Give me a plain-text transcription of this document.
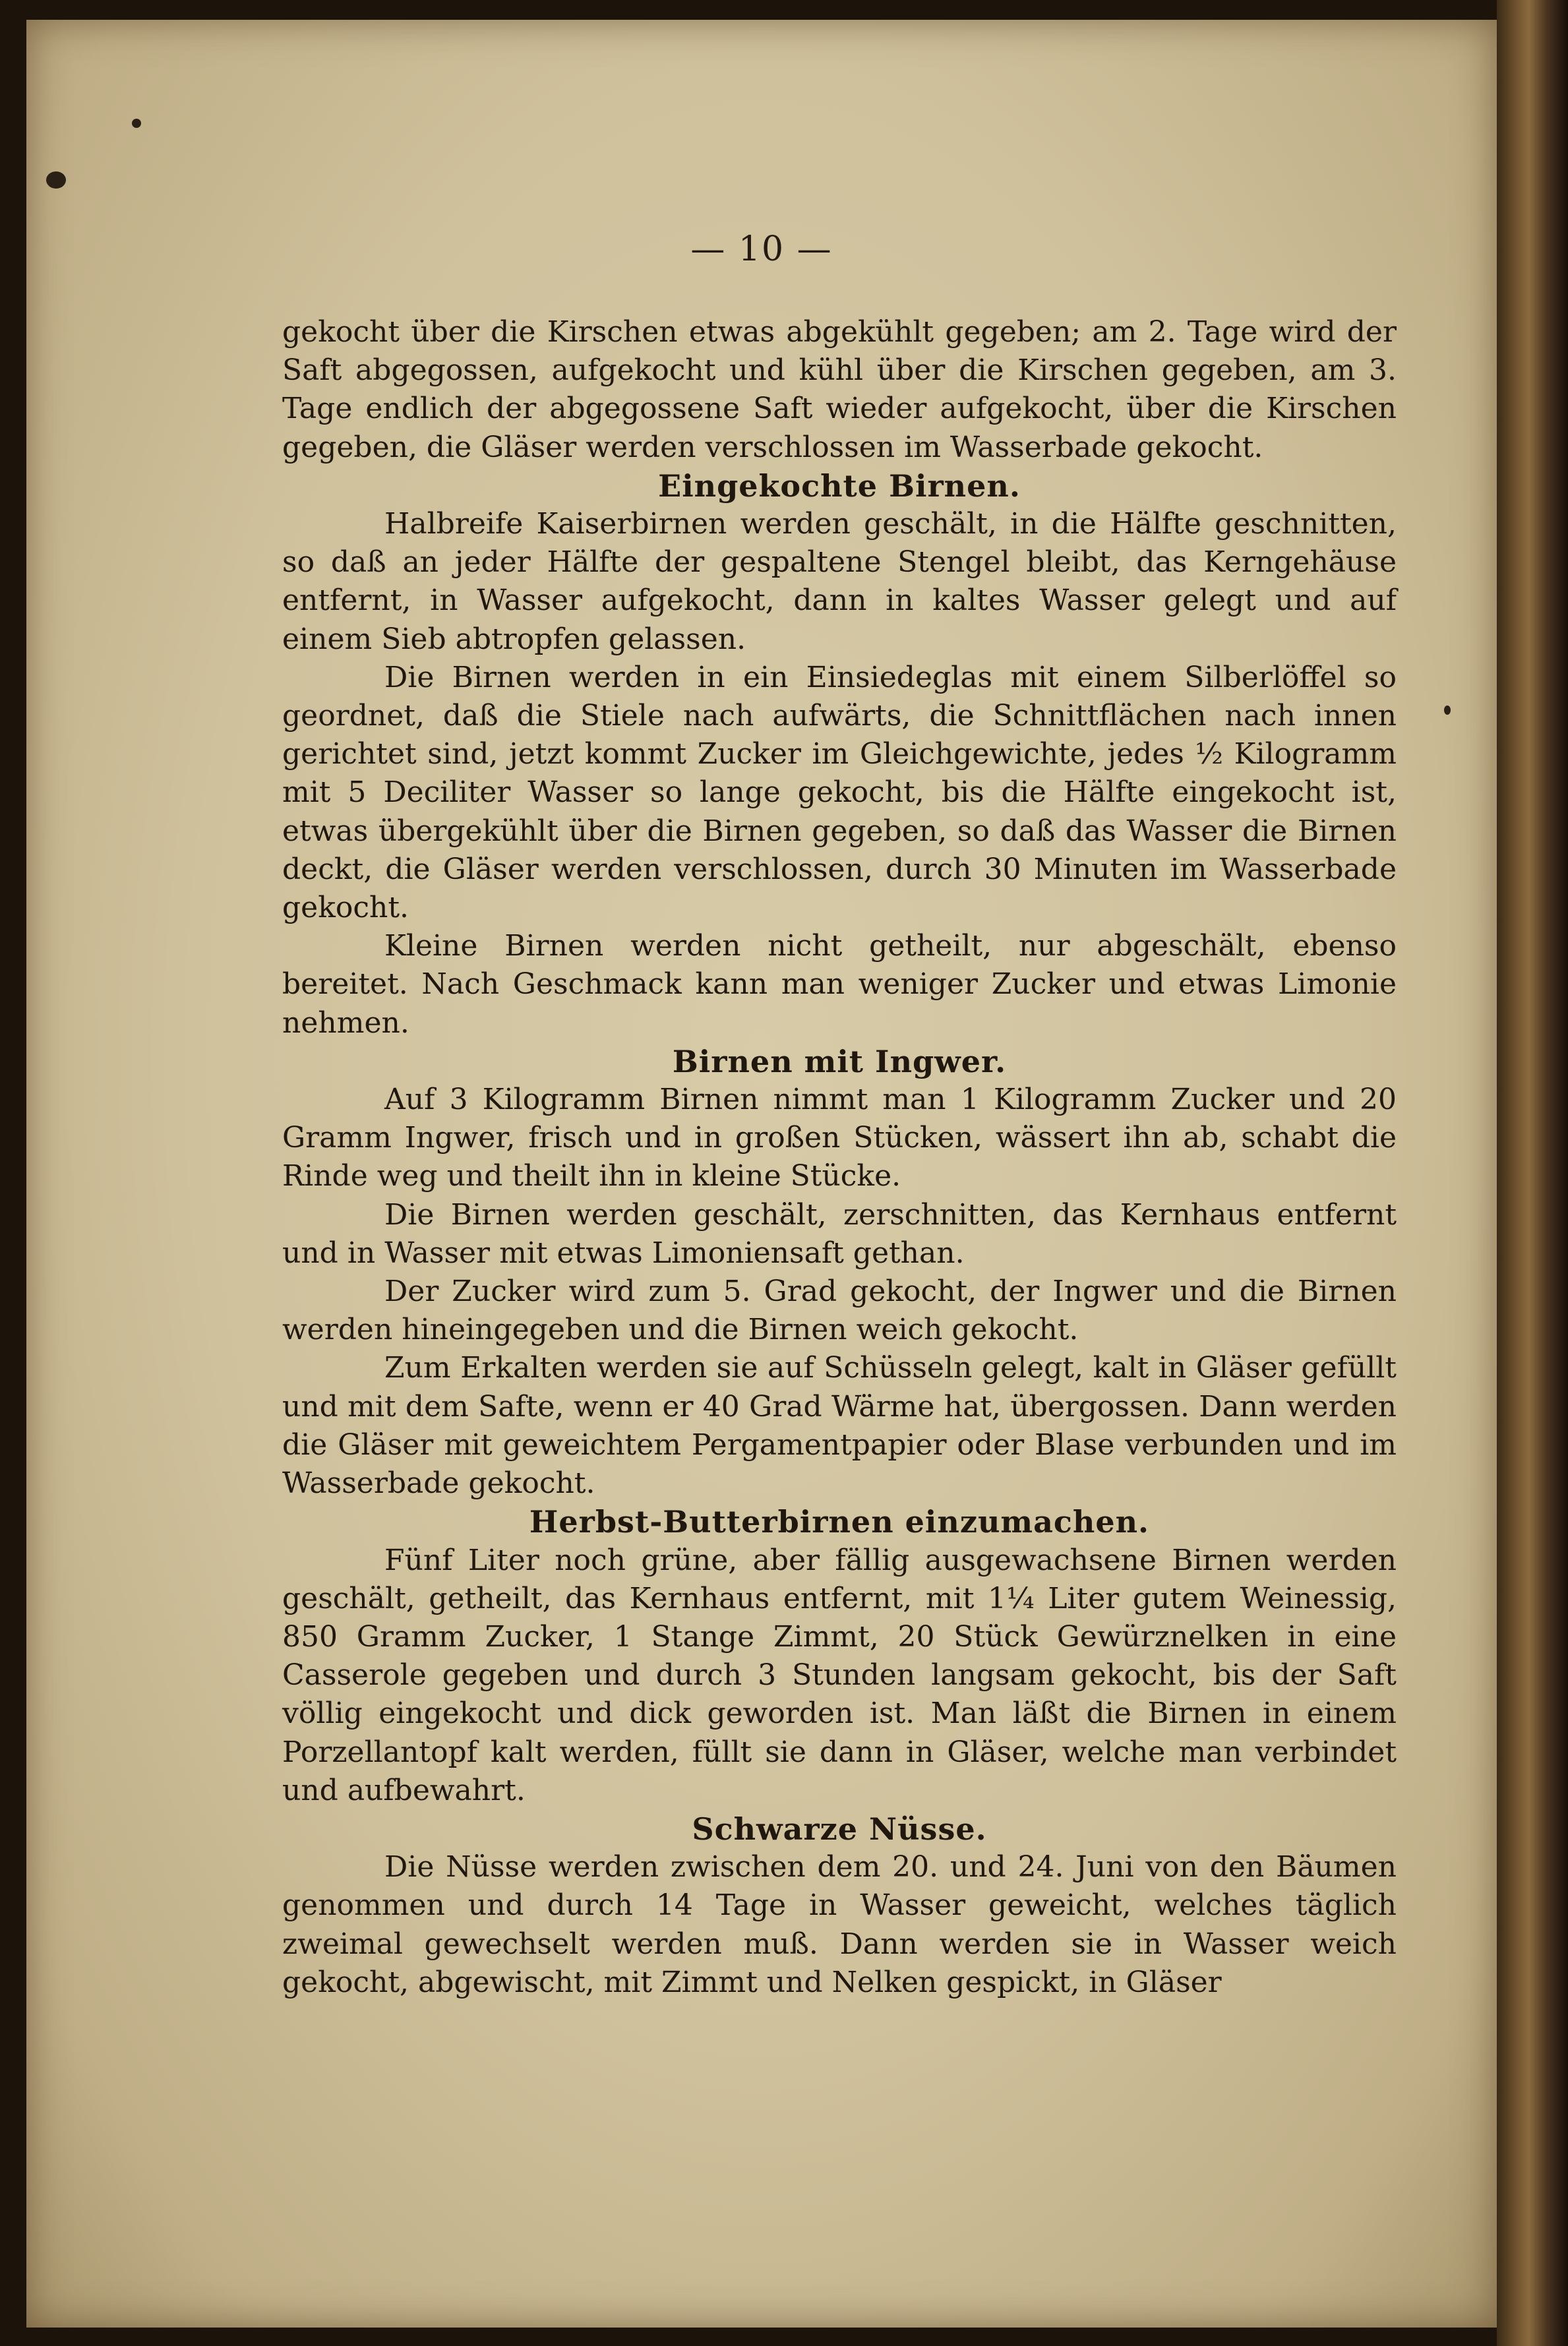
— 10 —

gekocht über die Kirschen etwas abgekühlt gegeben; am 2. Tage wird der Saft abgegossen, aufgekocht und kühl über die Kirschen gegeben, am 3. Tage endlich der abgegossene Saft wieder aufgekocht, über die Kirschen gegeben, die Gläser werden verschlossen im Wasserbade gekocht.

Eingekochte Birnen.

Halbreife Kaiserbirnen werden geschält, in die Hälfte geschnitten, so daß an jeder Hälfte der gespaltene Stengel bleibt, das Kerngehäuse entfernt, in Wasser aufgekocht, dann in kaltes Wasser gelegt und auf einem Sieb abtropfen gelassen.

Die Birnen werden in ein Einsiedeglas mit einem Silberlöffel so geordnet, daß die Stiele nach aufwärts, die Schnittflächen nach innen gerichtet sind, jetzt kommt Zucker im Gleichgewichte, jedes ½ Kilogramm mit 5 Deciliter Wasser so lange gekocht, bis die Hälfte eingekocht ist, etwas übergekühlt über die Birnen gegeben, so daß das Wasser die Birnen deckt, die Gläser werden verschlossen, durch 30 Minuten im Wasserbade gekocht.

Kleine Birnen werden nicht getheilt, nur abgeschält, ebenso bereitet. Nach Geschmack kann man weniger Zucker und etwas Limonie nehmen.

Birnen mit Ingwer.

Auf 3 Kilogramm Birnen nimmt man 1 Kilogramm Zucker und 20 Gramm Ingwer, frisch und in großen Stücken, wässert ihn ab, schabt die Rinde weg und theilt ihn in kleine Stücke.

Die Birnen werden geschält, zerschnitten, das Kernhaus entfernt und in Wasser mit etwas Limoniensaft gethan.

Der Zucker wird zum 5. Grad gekocht, der Ingwer und die Birnen werden hineingegeben und die Birnen weich gekocht.

Zum Erkalten werden sie auf Schüsseln gelegt, kalt in Gläser gefüllt und mit dem Safte, wenn er 40 Grad Wärme hat, übergossen. Dann werden die Gläser mit geweichtem Pergamentpapier oder Blase verbunden und im Wasserbade gekocht.

Herbst-Butterbirnen einzumachen.

Fünf Liter noch grüne, aber fällig ausgewachsene Birnen werden geschält, getheilt, das Kernhaus entfernt, mit 1¼ Liter gutem Weinessig, 850 Gramm Zucker, 1 Stange Zimmt, 20 Stück Gewürznelken in eine Casserole gegeben und durch 3 Stunden langsam gekocht, bis der Saft völlig eingekocht und dick geworden ist. Man läßt die Birnen in einem Porzellantopf kalt werden, füllt sie dann in Gläser, welche man verbindet und aufbewahrt.

Schwarze Nüsse.

Die Nüsse werden zwischen dem 20. und 24. Juni von den Bäumen genommen und durch 14 Tage in Wasser geweicht, welches täglich zweimal gewechselt werden muß. Dann werden sie in Wasser weich gekocht, abgewischt, mit Zimmt und Nelken gespickt, in Gläser
